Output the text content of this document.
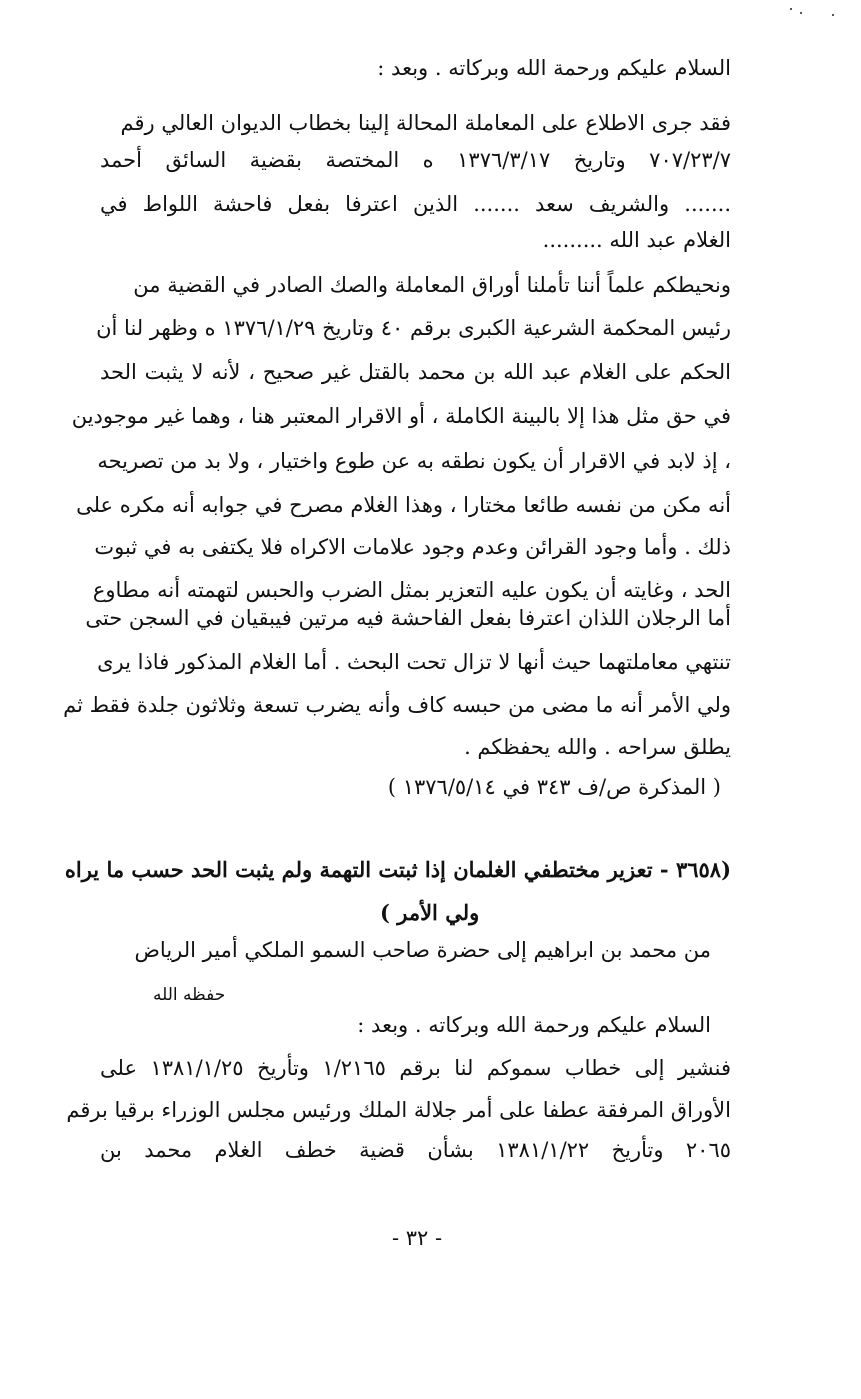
السلام عليكم ورحمة الله وبركاته . وبعد :
فقد جرى الاطلاع على المعاملة المحالة إلينا بخطاب الديوان العالي رقم
٧٠٧/٢٣/٧ وتاريخ ١٣٧٦/٣/١٧ ه المختصة بقضية السائق أحمد
....... والشريف سعد ....... الذين اعترفا بفعل فاحشة اللواط في
الغلام عبد الله .........
ونحيطكم علماً أننا تأملنا أوراق المعاملة والصك الصادر في القضية من
رئيس المحكمة الشرعية الكبرى برقم ٤٠ وتاريخ ١٣٧٦/١/٢٩ ه وظهر لنا أن
الحكم على الغلام عبد الله بن محمد بالقتل غير صحيح ، لأنه لا يثبت الحد
في حق مثل هذا إلا بالبينة الكاملة ، أو الاقرار المعتبر هنا ، وهما غير موجودين
، إذ لابد في الاقرار أن يكون نطقه به عن طوع واختيار ، ولا بد من تصريحه
أنه مكن من نفسه طائعا مختارا ، وهذا الغلام مصرح في جوابه أنه مكره على
ذلك . وأما وجود القرائن وعدم وجود علامات الاكراه فلا يكتفى به في ثبوت
الحد ، وغايته أن يكون عليه التعزير بمثل الضرب والحبس لتهمته أنه مطاوع
أما الرجلان اللذان اعترفا بفعل الفاحشة فيه مرتين فيبقيان في السجن حتى
تنتهي معاملتهما حيث أنها لا تزال تحت البحث . أما الغلام المذكور فاذا يرى
ولي الأمر أنه ما مضى من حبسه كاف وأنه يضرب تسعة وثلاثون جلدة فقط ثم
يطلق سراحه . والله يحفظكم .
( المذكرة ص/ف ٣٤٣ في ١٣٧٦/٥/١٤ )
(٣٦٥٨ - تعزير مختطفي الغلمان إذا ثبتت التهمة ولم يثبت الحد حسب ما يراه
ولي الأمر )
من محمد بن ابراهيم إلى حضرة صاحب السمو الملكي أمير الرياض
حفظه الله
السلام عليكم ورحمة الله وبركاته . وبعد :
فنشير إلى خطاب سموكم لنا برقم ١/٢١٦٥ وتأريخ ١٣٨١/١/٢٥ على
الأوراق المرفقة عطفا على أمر جلالة الملك ورئيس مجلس الوزراء برقيا برقم
٢٠٦٥ وتأريخ ١٣٨١/١/٢٢ بشأن قضية خطف الغلام محمد بن
- ٣٢ -
